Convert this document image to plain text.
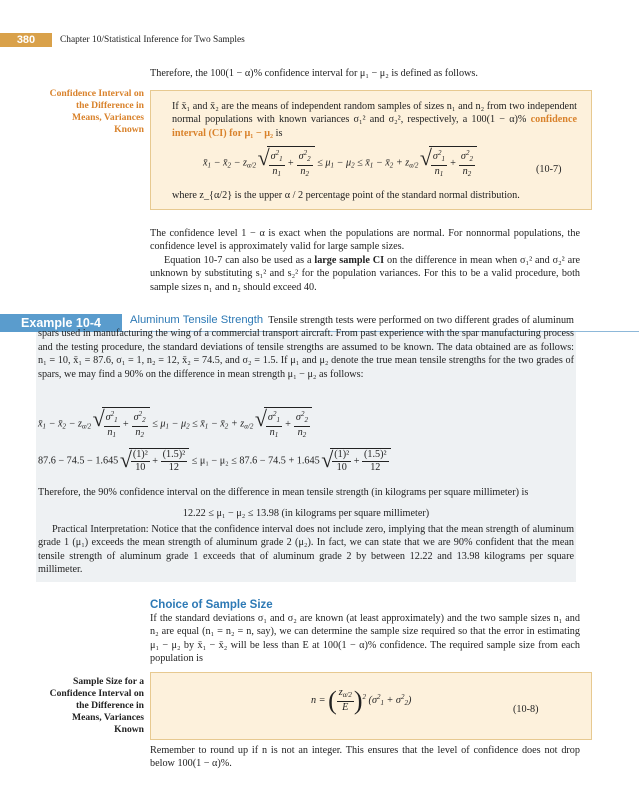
380	Chapter 10/Statistical Inference for Two Samples
Therefore, the 100(1 − α)% confidence interval for μ₁ − μ₂ is defined as follows.
Confidence Interval on the Difference in Means, Variances Known
If x̄₁ and x̄₂ are the means of independent random samples of sizes n₁ and n₂ from two independent normal populations with known variances σ₁² and σ₂², respectively, a 100(1 − α)% confidence interval (CI) for μ₁ − μ₂ is
$x̄_1$ − $x̄_2 - z_{\alpha/2}$ √ $\frac{\sigma^2_1}{n_1} + \frac{\sigma^2_2}{n_2} \le \mu_1 - \mu_2$ ≤ $x̄_1$ − $x̄_2 + z_{\alpha/2}$ √ $\frac{\sigma^2_1}{n_1} + \frac{\sigma^2_2}{n_2}$	(10-7)
where z_{α/2} is the upper α / 2 percentage point of the standard normal distribution.
The confidence level 1 − α is exact when the populations are normal. For nonnormal populations, the confidence level is approximately valid for large sample sizes.
Equation 10-7 can also be used as a large sample CI on the difference in mean when σ₁² and σ₂² are unknown by substituting s₁² and s₂² for the population variances. For this to be a valid procedure, both sample sizes n₁ and n₂ should exceed 40.
Example 10-4	Aluminum Tensile Strength Tensile strength tests were performed on two different grades of aluminum spars used in manufacturing the wing of a commercial transport aircraft. From past experience with the spar manufacturing process and the testing procedure, the standard deviations of tensile strengths are assumed to be known. The data obtained are as follows: n₁ = 10, x̄₁ = 87.6, σ₁ = 1, n₂ = 12, x̄₂ = 74.5, and σ₂ = 1.5. If μ₁ and μ₂ denote the true mean tensile strengths for the two grades of spars, we may find a 90% on the difference in mean strength μ₁ − μ₂ as follows:
$x̄_1$ − $x̄_2 - z_{\alpha/2}$ √ $\frac{\sigma^2_1}{n_1} + \frac{\sigma^2_2}{n_2} \le \mu_1 - \mu_2$ ≤ $x̄_1$ − $x̄_2 + z_{\alpha/2}$ √ $\frac{\sigma^2_1}{n_1} + \frac{\sigma^2_2}{n_2}$
87.6 − 74.5 − 1.645 √ $\frac{\text{(1)²}}{10} + \frac{\text{(1.5)²}}{12} \le \mu_1 - \mu_2 \le 87.6 - 74.5 + 1.645$ √ $\frac{\text{(1)²}}{10} + \frac{\text{(1.5)²}}{12}$
Therefore, the 90% confidence interval on the difference in mean tensile strength (in kilograms per square millimeter) is
12.22 ≤ μ₁ − μ₂ ≤ 13.98 (in kilograms per square millimeter)
Practical Interpretation: Notice that the confidence interval does not include zero, implying that the mean strength of aluminum grade 1 (μ₁) exceeds the mean strength of aluminum grade 2 (μ₂). In fact, we can state that we are 90% confident that the mean tensile strength of aluminum grade 1 exceeds that of aluminum grade 2 by between 12.22 and 13.98 kilograms per square millimeter.
Choice of Sample Size
If the standard deviations σ₁ and σ₂ are known (at least approximately) and the two sample sizes n₁ and n₂ are equal (n₁ = n₂ = n, say), we can determine the sample size required so that the error in estimating μ₁ − μ₂ by x̄₁ − x̄₂ will be less than E at 100(1 − α)% confidence. The required sample size from each population is
Sample Size for a Confidence Interval on the Difference in Means, Variances Known
n = ( $\frac{z_{\alpha/2}}{E} )^2$ $(\sigma^2_1 + \sigma^2_2)$
(10-8)
Remember to round up if n is not an integer. This ensures that the level of confidence does not drop below 100(1 − α)%.
